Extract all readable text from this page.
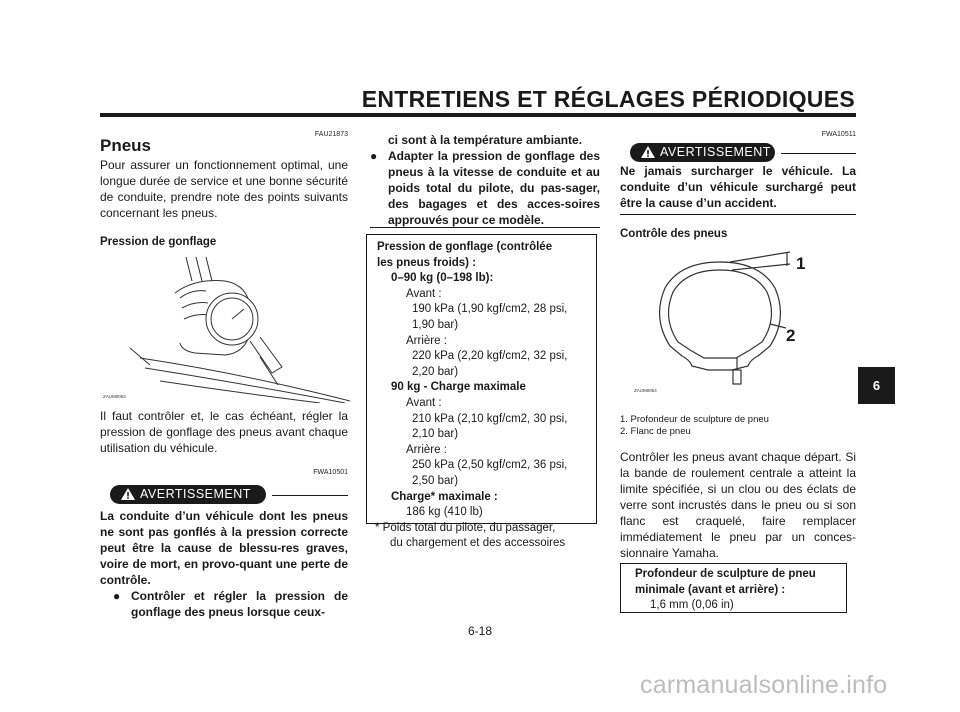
ENTRETIENS ET RÉGLAGES PÉRIODIQUES
FAU21873
Pneus
Pour assurer un fonctionnement optimal, une longue durée de service et une bonne sécurité de conduite, prendre note des points suivants concernant les pneus.
Pression de gonflage
ZAUM0063
Il faut contrôler et, le cas échéant, régler la pression de gonflage des pneus avant chaque utilisation du véhicule.
FWA10501
AVERTISSEMENT
La conduite d’un véhicule dont les pneus ne sont pas gonflés à la pression correcte peut être la cause de blessu-res graves, voire de mort, en provo-quant une perte de contrôle.
● Contrôler et régler la pression de gonflage des pneus lorsque ceux-
ci sont à la température ambiante.
● Adapter la pression de gonflage des pneus à la vitesse de conduite et au poids total du pilote, du pas-sager, des bagages et des acces-soires approuvés pour ce modèle.
Pression de gonflage (contrôlée
les pneus froids) :
0–90 kg (0–198 lb):
Avant :
190 kPa (1,90 kgf/cm2, 28 psi,
1,90 bar)
Arrière :
220 kPa (2,20 kgf/cm2, 32 psi,
2,20 bar)
90 kg - Charge maximale
Avant :
210 kPa (2,10 kgf/cm2, 30 psi,
2,10 bar)
Arrière :
250 kPa (2,50 kgf/cm2, 36 psi,
2,50 bar)
Charge* maximale :
186 kg (410 lb)
* Poids total du pilote, du passager,
du chargement et des accessoires
FWA10511
AVERTISSEMENT
Ne jamais surcharger le véhicule. La conduite d’un véhicule surchargé peut être la cause d’un accident.
Contrôle des pneus
1
2
ZAUM0064
1. Profondeur de sculpture de pneu
2. Flanc de pneu
Contrôler les pneus avant chaque départ. Si la bande de roulement centrale a atteint la limite spécifiée, si un clou ou des éclats de verre sont incrustés dans le pneu ou si son flanc est craquelé, faire remplacer immédiatement le pneu par un conces-sionnaire Yamaha.
Profondeur de sculpture de pneu
minimale (avant et arrière) :
1,6 mm (0,06 in)
6
6-18
carmanualsonline.info
